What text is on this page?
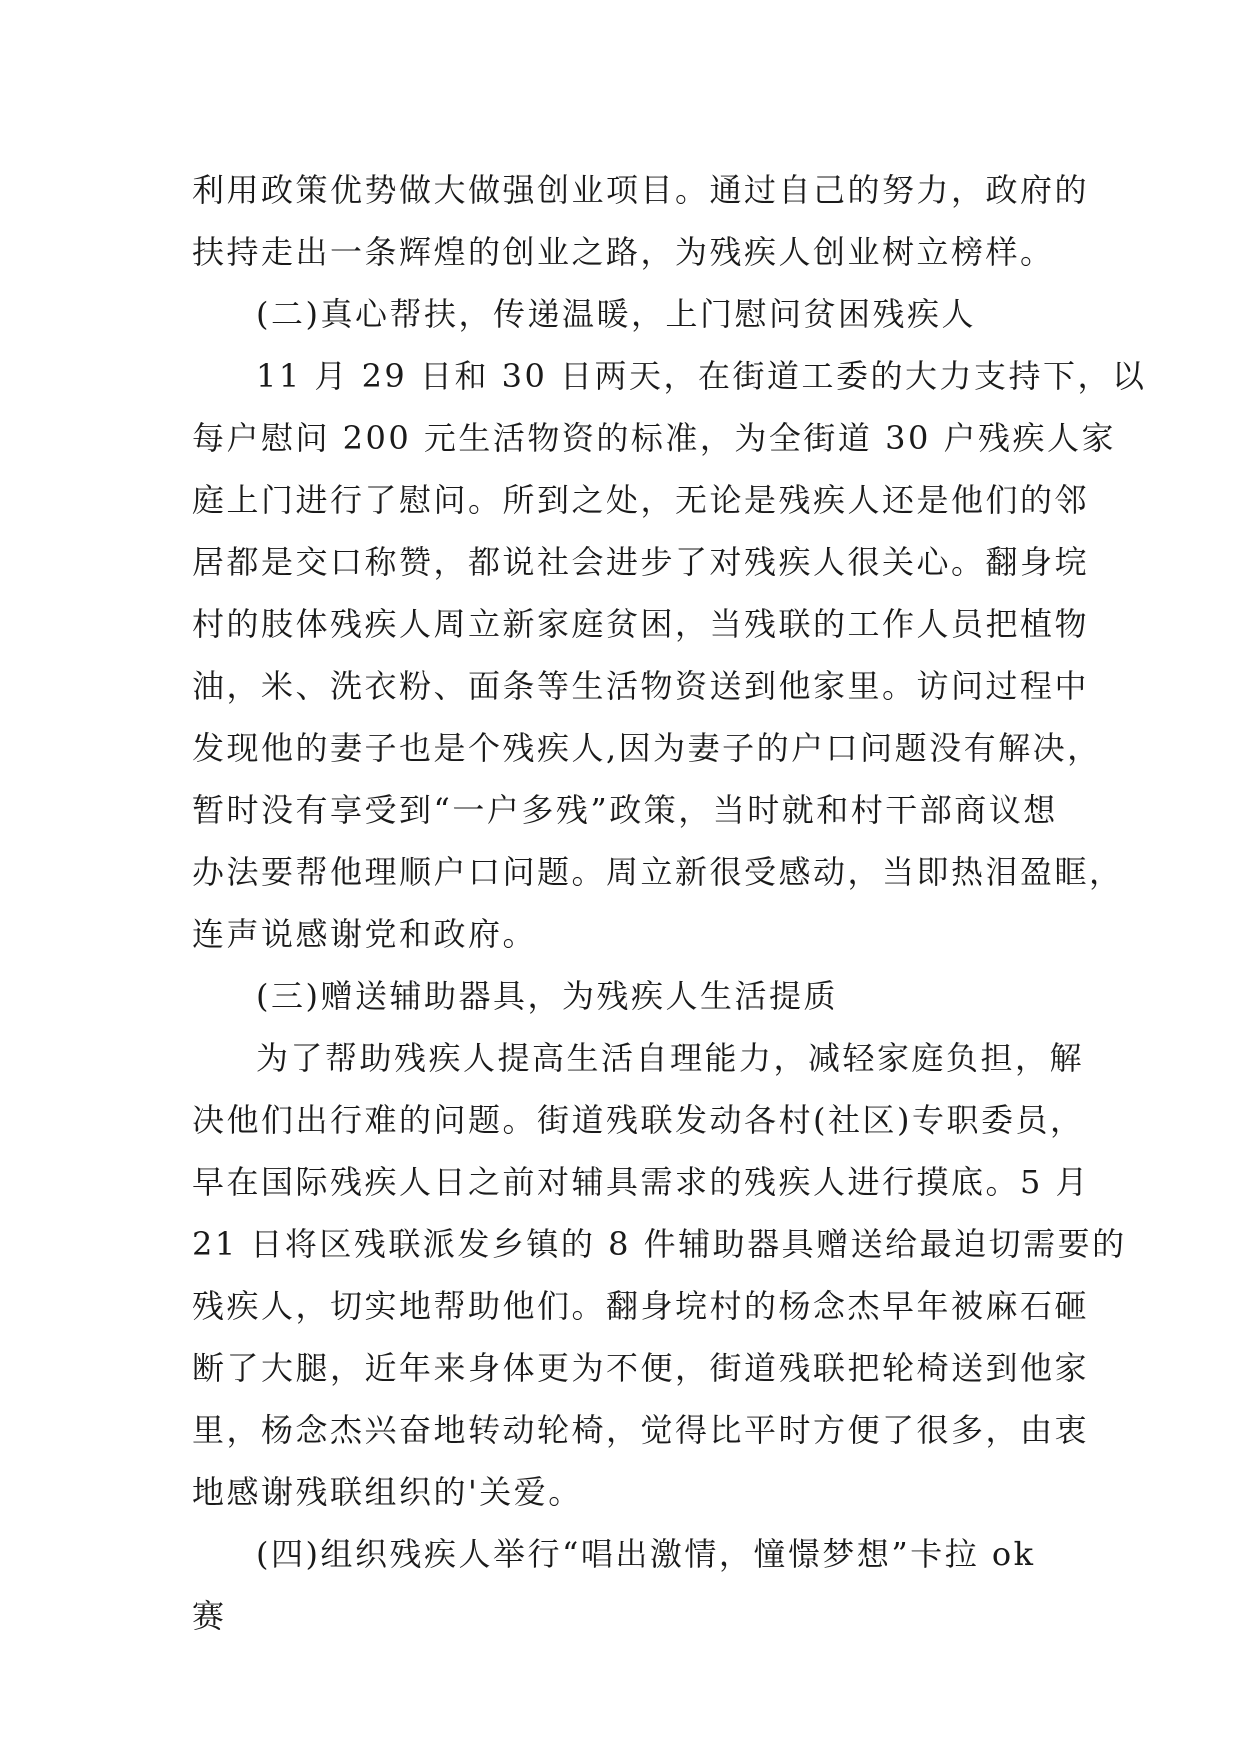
利用政策优势做大做强创业项目。通过自己的努力，政府的
扶持走出一条辉煌的创业之路，为残疾人创业树立榜样。
(二)真心帮扶，传递温暖，上门慰问贫困残疾人
11 月 29 日和 30 日两天，在街道工委的大力支持下，以
每户慰问 200 元生活物资的标准，为全街道 30 户残疾人家
庭上门进行了慰问。所到之处，无论是残疾人还是他们的邻
居都是交口称赞，都说社会进步了对残疾人很关心。翻身垸
村的肢体残疾人周立新家庭贫困，当残联的工作人员把植物
油，米、洗衣粉、面条等生活物资送到他家里。访问过程中
发现他的妻子也是个残疾人,因为妻子的户口问题没有解决，
暂时没有享受到“一户多残”政策，当时就和村干部商议想
办法要帮他理顺户口问题。周立新很受感动，当即热泪盈眶，
连声说感谢党和政府。
(三)赠送辅助器具，为残疾人生活提质
为了帮助残疾人提高生活自理能力，减轻家庭负担，解
决他们出行难的问题。街道残联发动各村(社区)专职委员，
早在国际残疾人日之前对辅具需求的残疾人进行摸底。5 月
21 日将区残联派发乡镇的 8 件辅助器具赠送给最迫切需要的
残疾人，切实地帮助他们。翻身垸村的杨念杰早年被麻石砸
断了大腿，近年来身体更为不便，街道残联把轮椅送到他家
里，杨念杰兴奋地转动轮椅，觉得比平时方便了很多，由衷
地感谢残联组织的'关爱。
(四)组织残疾人举行“唱出激情，憧憬梦想”卡拉 ok
赛
